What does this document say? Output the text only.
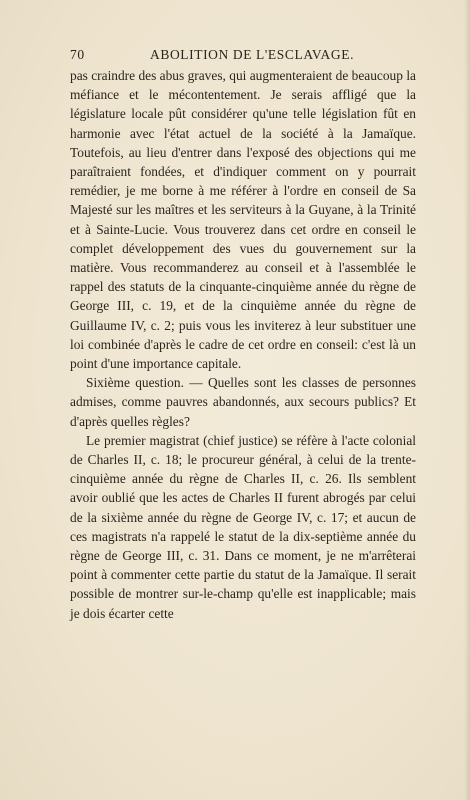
70	ABOLITION DE L'ESCLAVAGE.

pas craindre des abus graves, qui augmenteraient de beaucoup la méfiance et le mécontentement. Je serais affligé que la législature locale pût considérer qu'une telle législation fût en harmonie avec l'état actuel de la société à la Jamaïque. Toutefois, au lieu d'entrer dans l'exposé des objections qui me paraîtraient fondées, et d'indiquer comment on y pourrait remédier, je me borne à me référer à l'ordre en conseil de Sa Majesté sur les maîtres et les serviteurs à la Guyane, à la Trinité et à Sainte-Lucie. Vous trouverez dans cet ordre en conseil le complet développement des vues du gouvernement sur la matière. Vous recommanderez au conseil et à l'assemblée le rappel des statuts de la cinquante-cinquième année du règne de George III, c. 19, et de la cinquième année du règne de Guillaume IV, c. 2; puis vous les inviterez à leur substituer une loi combinée d'après le cadre de cet ordre en conseil: c'est là un point d'une importance capitale.

Sixième question. — Quelles sont les classes de personnes admises, comme pauvres abandonnés, aux secours publics? Et d'après quelles règles?

Le premier magistrat (chief justice) se réfère à l'acte colonial de Charles II, c. 18; le procureur général, à celui de la trente-cinquième année du règne de Charles II, c. 26. Ils semblent avoir oublié que les actes de Charles II furent abrogés par celui de la sixième année du règne de George IV, c. 17; et aucun de ces magistrats n'a rappelé le statut de la dix-septième année du règne de George III, c. 31. Dans ce moment, je ne m'arrêterai point à commenter cette partie du statut de la Jamaïque. Il serait possible de montrer sur-le-champ qu'elle est inapplicable; mais je dois écarter cette
